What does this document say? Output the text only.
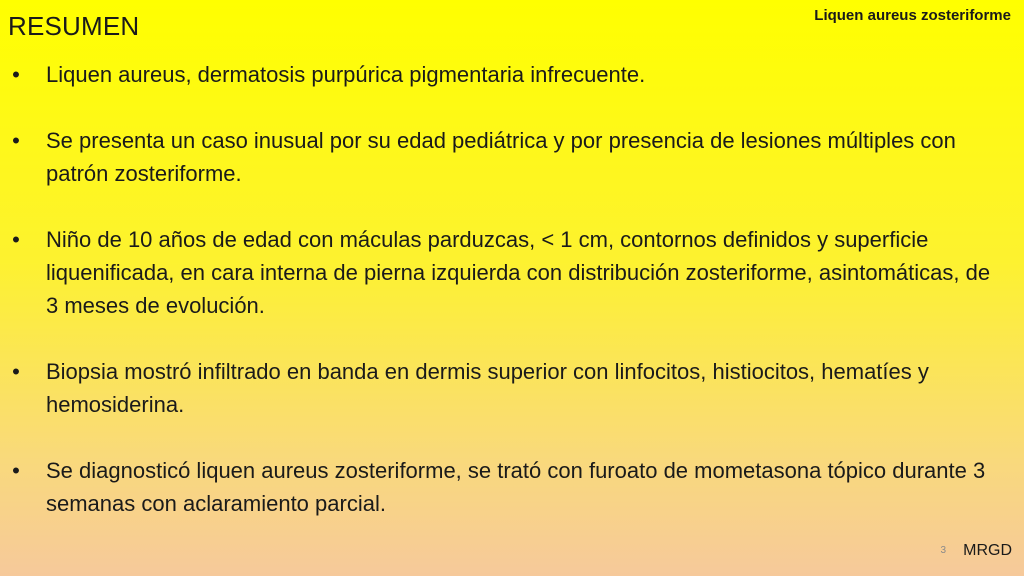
RESUMEN	Liquen aureus zosteriforme
• Liquen aureus, dermatosis purpúrica pigmentaria infrecuente.
• Se presenta un caso inusual por su edad pediátrica y por presencia de lesiones múltiples con patrón zosteriforme.
• Niño de 10 años de edad con máculas parduzcas, < 1 cm, contornos definidos y superficie liquenificada, en cara interna de pierna izquierda con distribución zosteriforme, asintomáticas, de 3 meses de evolución.
• Biopsia mostró infiltrado en banda en dermis superior con linfocitos, histiocitos, hematíes y hemosiderina.
• Se diagnosticó liquen aureus zosteriforme, se trató con furoato de mometasona tópico durante 3 semanas con aclaramiento parcial.
3 MRGD
